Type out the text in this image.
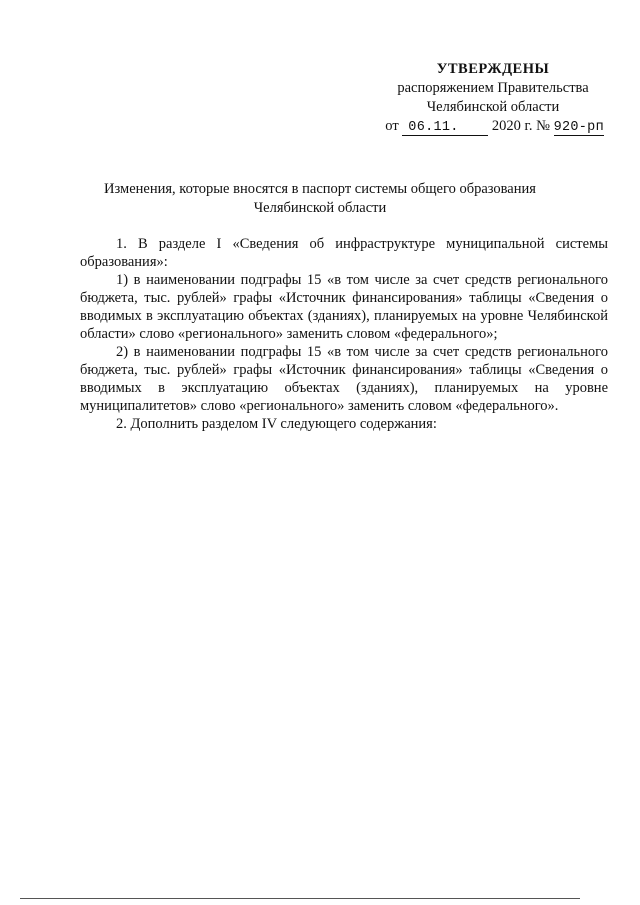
УТВЕРЖДЕНЫ
распоряжением Правительства
Челябинской области
от 06.11. 2020 г. № 920-рп
Изменения, которые вносятся в паспорт системы общего образования
Челябинской области

1. В разделе I «Сведения об инфраструктуре муниципальной системы образования»:

1) в наименовании подграфы 15 «в том числе за счет средств регионального бюджета, тыс. рублей» графы «Источник финансирования» таблицы «Сведения о вводимых в эксплуатацию объектах (зданиях), планируемых на уровне Челябинской области» слово «регионального» заменить словом «федерального»;

2) в наименовании подграфы 15 «в том числе за счет средств регионального бюджета, тыс. рублей» графы «Источник финансирования» таблицы «Сведения о вводимых в эксплуатацию объектах (зданиях), планируемых на уровне муниципалитетов» слово «регионального» заменить словом «федерального».

2. Дополнить разделом IV следующего содержания:
